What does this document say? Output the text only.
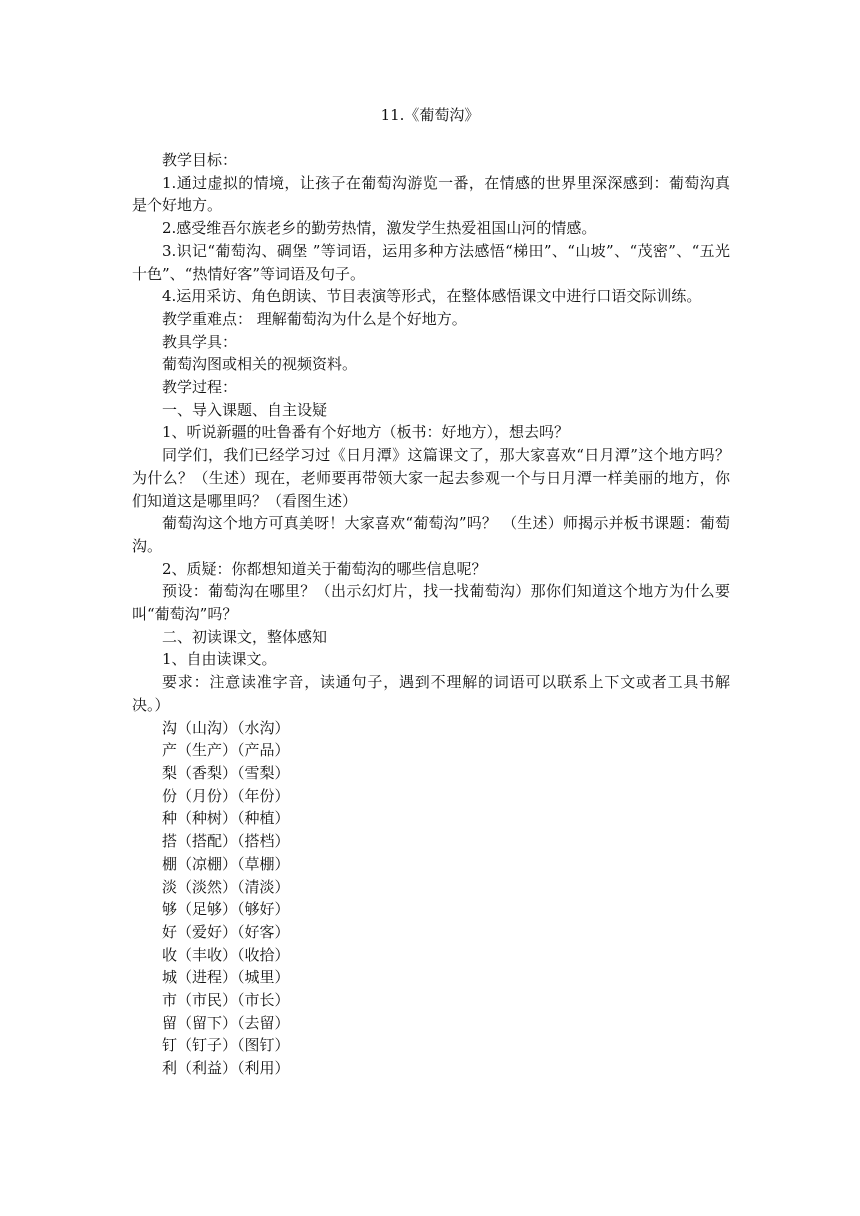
11.《葡萄沟》

教学目标：

1.通过虚拟的情境，让孩子在葡萄沟游览一番，在情感的世界里深深感到：葡萄沟真是个好地方。

2.感受维吾尔族老乡的勤劳热情，激发学生热爱祖国山河的情感。

3.识记“葡萄沟、碉堡 ”等词语，运用多种方法感悟“梯田”、“山坡”、“茂密”、“五光十色”、“热情好客”等词语及句子。

4.运用采访、角色朗读、节目表演等形式，在整体感悟课文中进行口语交际训练。

教学重难点： 理解葡萄沟为什么是个好地方。

教具学具：

葡萄沟图或相关的视频资料。

教学过程：

一、导入课题、自主设疑

1、听说新疆的吐鲁番有个好地方（板书：好地方），想去吗？

同学们，我们已经学习过《日月潭》这篇课文了，那大家喜欢“日月潭”这个地方吗？为什么？（生述）现在，老师要再带领大家一起去参观一个与日月潭一样美丽的地方，你们知道这是哪里吗？（看图生述）

葡萄沟这个地方可真美呀！大家喜欢“葡萄沟”吗？ （生述）师揭示并板书课题：葡萄沟。

2、质疑：你都想知道关于葡萄沟的哪些信息呢？

预设：葡萄沟在哪里？（出示幻灯片，找一找葡萄沟）那你们知道这个地方为什么要叫“葡萄沟”吗？

二、初读课文，整体感知

1、自由读课文。

要求：注意读准字音，读通句子，遇到不理解的词语可以联系上下文或者工具书解决。）

沟（山沟）（水沟）

产（生产）（产品）

梨（香梨）（雪梨）

份（月份）（年份）

种（种树）（种植）

搭（搭配）（搭档）

棚（凉棚）（草棚）

淡（淡然）（清淡）

够（足够）（够好）

好（爱好）（好客）

收（丰收）（收拾）

城（进程）（城里）

市（市民）（市长）

留（留下）（去留）

钉（钉子）（图钉）

利（利益）（利用）
